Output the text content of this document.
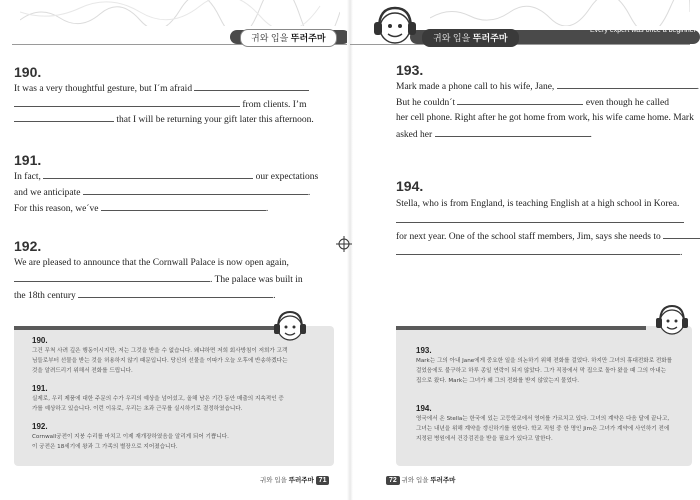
귀와 입을 뚜러주마
190.
It was a very thoughtful gesture, but I´m afraid
from clients. I’m
that I will be returning your gift later this afternoon.
191.
In fact,	our expectations
and we anticipate	.
For this reason, we´ve	.
192.
We are pleased to announce that the Cornwall Palace is now open again,
. The palace was built in
the 18th century	.
190.
그건 무척 사려 깊은 행동이시지만, 저는 그것을 받을 수 없습니다. 왜냐하면 저희 회사방침이 저희가 고객
님들로부터 선물을 받는 것을 허용하지 않기 때문입니다. 당신의 선물을 이따가 오늘 오후에 반송하겠다는
것을 알려드리기 위해서 전화를 드립니다.
191.
실제로, 우리 제품에 대한 주문의 수가 우리의 예상을 넘어섰고, 올해 남은 기간 동안 매출의 지속적인 증
가를 예상하고 있습니다. 이런 이유로, 우리는 초과 근무를 실시하기로 결정하였습니다.
192.
Cornwall궁전이 지붕 수리를 마치고 이제 재개장하였음을 알리게 되어 기쁩니다.
이 궁전은 18세기에 왕과 그 가족의 별장으로 지어졌습니다.
귀와 입을 뚜러주마 71
귀와 입을 뚜러주마
193.
Mark made a phone call to his wife, Jane,	.
But he couldn´t	even though he called
her cell phone. Right after he got home from work, his wife came home. Mark
asked her	.
194.
Stella, who is from England, is teaching English at a high school in Korea.
for next year. One of the school staff members, Jim, says she needs to
.
193.
Mark는 그의 아내 Jane에게 중요한 일을 의논하기 위해 전화를 걸었다. 하지만 그녀의 휴대전화로 전화를
걸었음에도 불구하고 하루 종일 연락이 되지 않았다. 그가 직장에서 막 집으로 돌아 왔을 때 그의 아내는
집으로 왔다. Mark는 그녀가 왜 그의 전화를 받지 않았는지 물었다.
194.
영국에서 온 Stella는 한국에 있는 고등학교에서 영어를 가르치고 있다. 그녀의 계약은 다음 달에 끝나고,
그녀는 내년을 위해 계약을 갱신하기를 원한다. 학교 직원 중 한 명인 Jim은 그녀가 계약에 사인하기 전에
지정된 병원에서 건강검진을 받을 필요가 있다고 말한다.
72 귀와 입을 뚜러주마
Every expert was once a beginner
